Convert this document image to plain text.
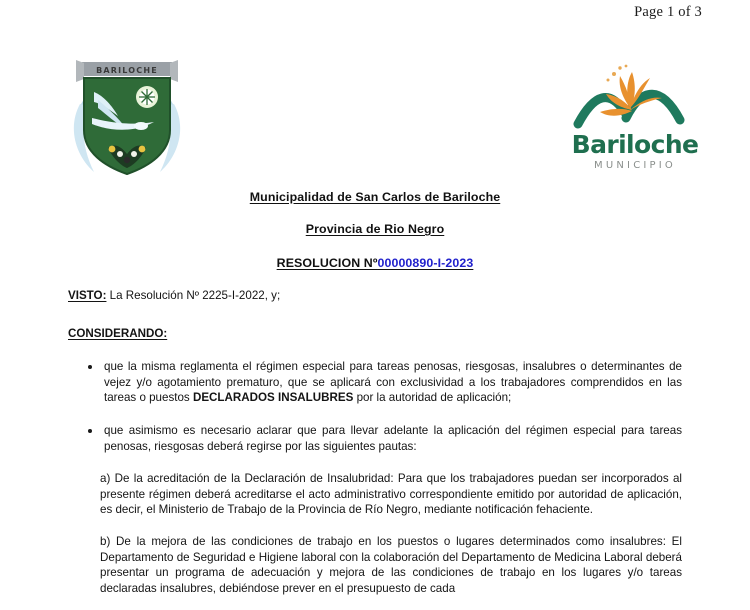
Page 1 of 3
BARILOCHE
Bariloche
MUNICIPIO
Municipalidad de San Carlos de Bariloche
Provincia de Rio Negro
RESOLUCION Nº00000890-I-2023

VISTO: La Resolución Nº 2225-I-2022, y;

CONSIDERANDO:

que la misma reglamenta el régimen especial para tareas penosas, riesgosas, insalubres o determinantes de vejez y/o agotamiento prematuro, que se aplicará con exclusividad a los trabajadores comprendidos en las tareas o puestos DECLARADOS INSALUBRES por la autoridad de aplicación;
que asimismo es necesario aclarar que para llevar adelante la aplicación del régimen especial para tareas penosas, riesgosas deberá regirse por las siguientes pautas:

a) De la acreditación de la Declaración de Insalubridad: Para que los trabajadores puedan ser incorporados al presente régimen deberá acreditarse el acto administrativo correspondiente emitido por autoridad de aplicación, es decir, el Ministerio de Trabajo de la Provincia de Río Negro, mediante notificación fehaciente.

b) De la mejora de las condiciones de trabajo en los puestos o lugares determinados como insalubres: El Departamento de Seguridad e Higiene laboral con la colaboración del Departamento de Medicina Laboral deberá presentar un programa de adecuación y mejora de las condiciones de trabajo en los lugares y/o tareas declaradas insalubres, debiéndose prever en el presupuesto de cada
